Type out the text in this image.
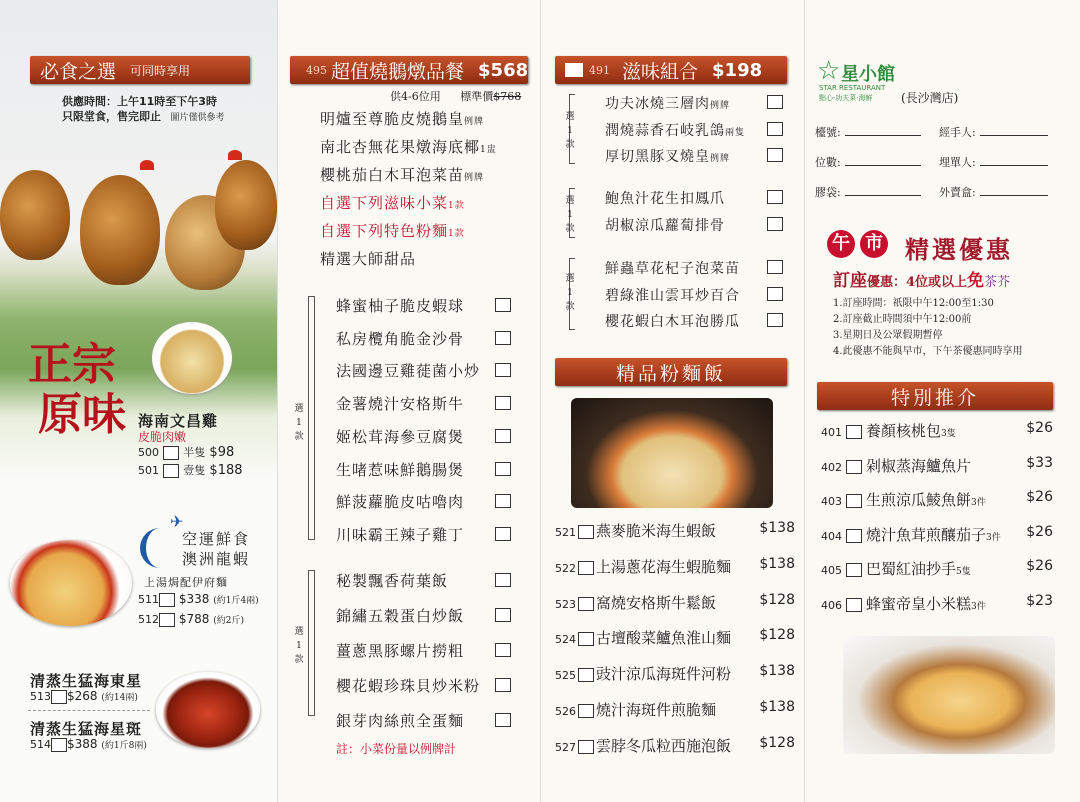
必食之選 可同時享用
供應時間：上午11時至下午3時
只限堂食，售完即止 圖片僅供參考
正宗
原味 海南文昌雞
皮脆肉嫩
500 半隻 $98
501 壹隻 $188
✈
空運鮮食
澳洲龍蝦
上湯焗配伊府麵
511 $338 (約1斤4兩)
512 $788 (約2斤)
清蒸生猛海東星
513 $268 (約14兩)
清蒸生猛海星斑
514 $388 (約1斤8兩)
495 超值燒鵝燉品餐 $568
供4-6位用 標準價$768
明爐至尊脆皮燒鵝皇例牌
南北杏無花果燉海底椰1盅
櫻桃茄白木耳泡菜苗例牌
自選下列滋味小菜1款
自選下列特色粉麵1款
精選大師甜品
選1款
蜂蜜柚子脆皮蝦球
私房欖角脆金沙骨
法國邊豆雞蓰菌小炒
金薯燒汁安格斯牛
姬松茸海參豆腐煲
生啫惹味鮮鵝腸煲
鮮菠蘿脆皮咕嚕肉
川味霸王辣子雞丁
選1款
秘製飄香荷葉飯
錦繡五穀蛋白炒飯
薑蔥黑豚螺片撈粗
櫻花蝦珍珠貝炒米粉
銀芽肉絲煎全蛋麵
註：小菜份量以例牌計
491 滋味組合 $198
選1款
功夫冰燒三層肉例牌
潤燒蒜香石岐乳鴿兩隻
厚切黑豚叉燒皇例牌
選1款
鮑魚汁花生扣鳳爪
胡椒涼瓜蘿蔔排骨
選1款
鮮蟲草花杞子泡菜苗
碧綠淮山雲耳炒百合
櫻花蝦白木耳泡勝瓜
精品粉麵飯
521 燕麥脆米海生蝦飯	$138
522 上湯蔥花海生蝦脆麵 $138
523 窩燒安格斯牛鬆飯	$128
524 古壇酸菜鱸魚淮山麵 $128
525 豉汁涼瓜海斑件河粉 $138
526 燒汁海斑件煎脆麵	$138
527 雲脖冬瓜粒西施泡飯 $128
☆ 星小館
STAR RESTAURANT
點心·功夫菜·海鮮 (長沙灣店)
檯號:	經手人:
位數:	埋單人:
膠袋:	外賣盒:
午 市 精選優惠
訂座優惠：4位或以上免茶芥
1.訂座時間：祇限中午12:00至1:30
2.訂座截止時間須中午12:00前
3.星期日及公眾假期暫停
4.此優惠不能與早市，下午茶優惠同時享用
特別推介
401 養顏核桃包3隻	$26
402 剁椒蒸海鱸魚片	$33
403 生煎涼瓜鯪魚餅3件	$26
404 燒汁魚茸煎釀茄子3件 $26
405 巴蜀紅油抄手5隻	$26
406 蜂蜜帝皇小米糕3件	$23
